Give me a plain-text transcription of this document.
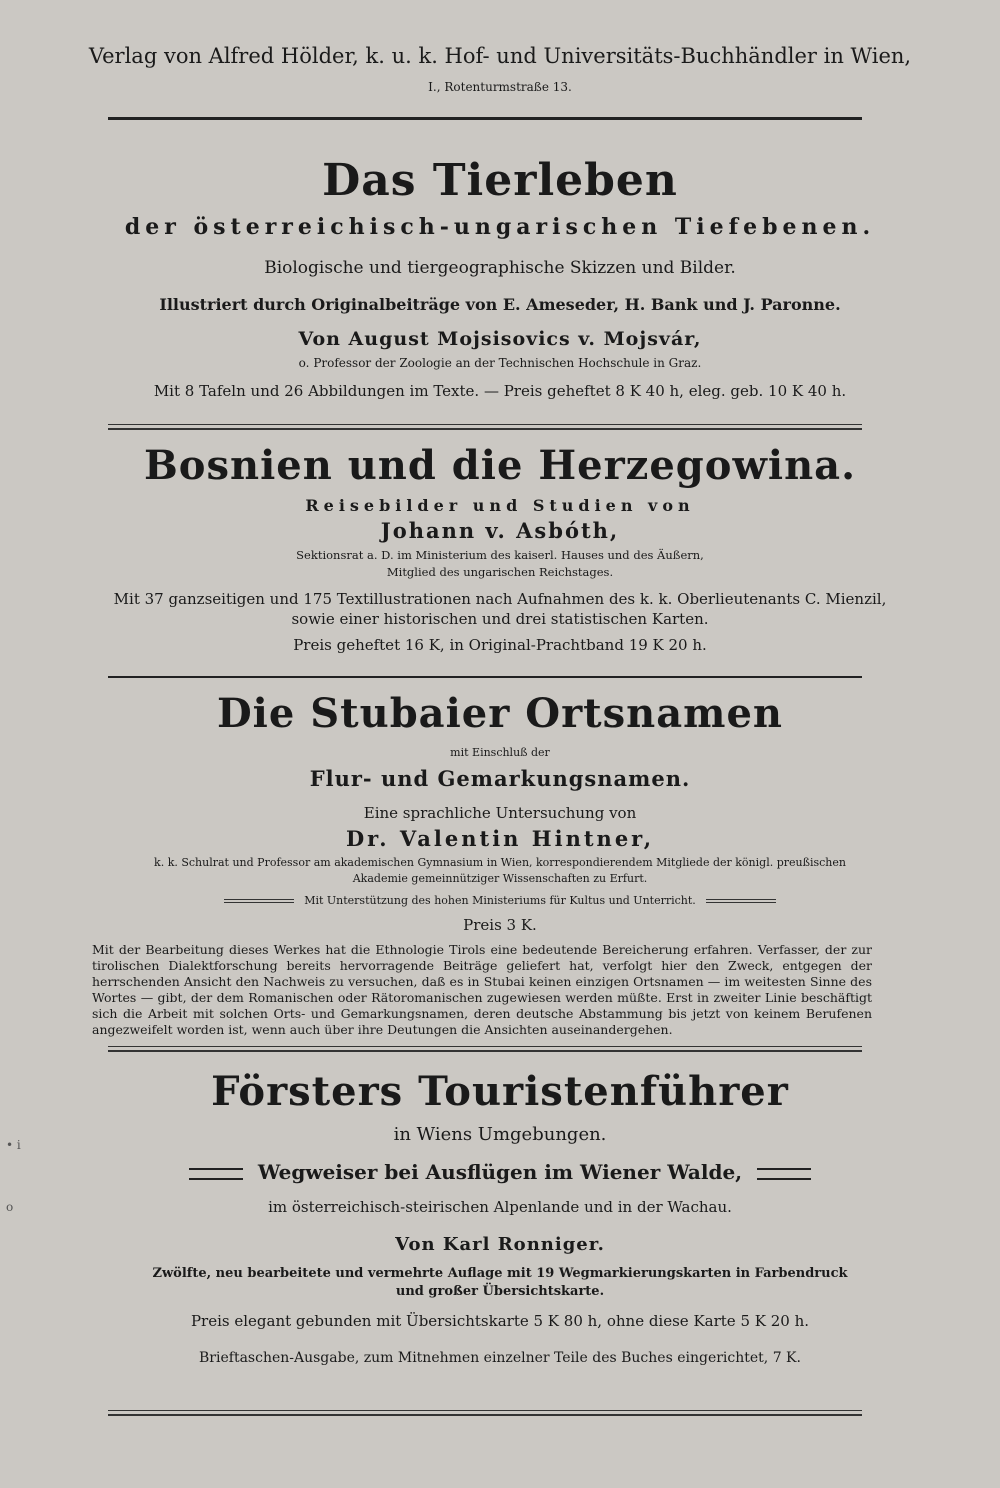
• i
o
Verlag von Alfred Hölder, k. u. k. Hof- und Universitäts-Buchhändler in Wien,
I., Rotenturmstraße 13.
Das Tierleben
der österreichisch-ungarischen Tiefebenen.
Biologische und tiergeographische Skizzen und Bilder.
Illustriert durch Originalbeiträge von E. Ameseder, H. Bank und J. Paronne.
Von August Mojsisovics v. Mojsvár,
o. Professor der Zoologie an der Technischen Hochschule in Graz.
Mit 8 Tafeln und 26 Abbildungen im Texte. — Preis geheftet 8 K 40 h, eleg. geb. 10 K 40 h.
Bosnien und die Herzegowina.
Reisebilder und Studien von
Johann v. Asbóth,
Sektionsrat a. D. im Ministerium des kaiserl. Hauses und des Äußern,
Mitglied des ungarischen Reichstages.
Mit 37 ganzseitigen und 175 Textillustrationen nach Aufnahmen des k. k. Oberlieutenants C. Mienzil,
sowie einer historischen und drei statistischen Karten.
Preis geheftet 16 K, in Original-Prachtband 19 K 20 h.
Die Stubaier Ortsnamen
mit Einschluß der
Flur- und Gemarkungsnamen.
Eine sprachliche Untersuchung von
Dr. Valentin Hintner,
k. k. Schulrat und Professor am akademischen Gymnasium in Wien, korrespondierendem Mitgliede der königl. preußischen
Akademie gemeinnütziger Wissenschaften zu Erfurt.
Mit Unterstützung des hohen Ministeriums für Kultus und Unterricht.
Preis 3 K.
Mit der Bearbeitung dieses Werkes hat die Ethnologie Tirols eine bedeutende Bereicherung erfahren. Verfasser, der zur tirolischen Dialektforschung bereits hervorragende Beiträge geliefert hat, verfolgt hier den Zweck, entgegen der herrschenden Ansicht den Nachweis zu versuchen, daß es in Stubai keinen einzigen Ortsnamen — im weitesten Sinne des Wortes — gibt, der dem Romanischen oder Rätoromanischen zugewiesen werden müßte. Erst in zweiter Linie beschäftigt sich die Arbeit mit solchen Orts- und Gemarkungsnamen, deren deutsche Abstammung bis jetzt von keinem Berufenen angezweifelt worden ist, wenn auch über ihre Deutungen die Ansichten auseinandergehen.
Försters Touristenführer
in Wiens Umgebungen.
Wegweiser bei Ausflügen im Wiener Walde,
im österreichisch-steirischen Alpenlande und in der Wachau.
Von Karl Ronniger.
Zwölfte, neu bearbeitete und vermehrte Auflage mit 19 Wegmarkierungskarten in Farbendruck
und großer Übersichtskarte.
Preis elegant gebunden mit Übersichtskarte 5 K 80 h, ohne diese Karte 5 K 20 h.
Brieftaschen-Ausgabe, zum Mitnehmen einzelner Teile des Buches eingerichtet, 7 K.
